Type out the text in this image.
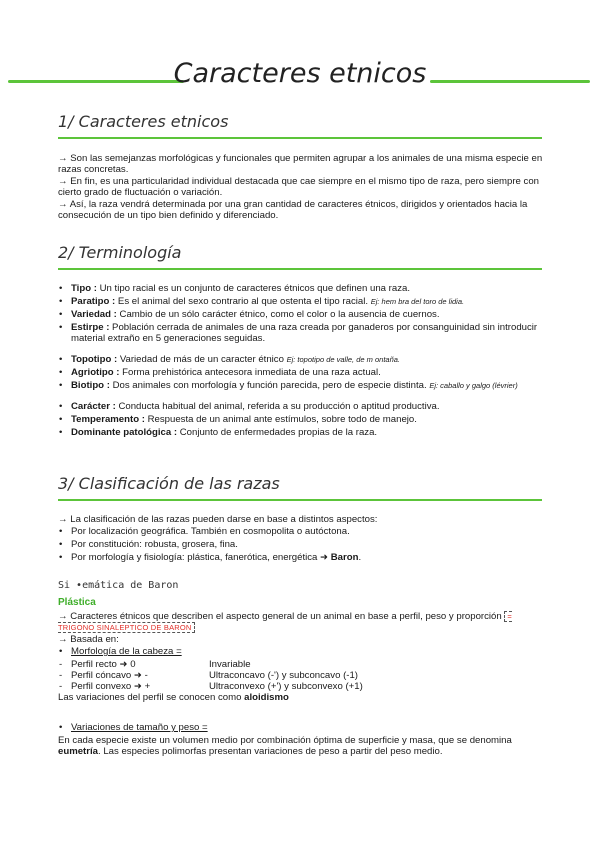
Caracteres etnicos
1/ Caracteres etnicos

→ Son las semejanzas morfológicas y funcionales que permiten agrupar a los animales de una misma especie en razas concretas.

→ En fin, es una particularidad individual destacada que cae siempre en el mismo tipo de raza, pero siempre con cierto grado de fluctuación o variación.

→ Así, la raza vendrá determinada por una gran cantidad de caracteres étnicos, dirigidos y orientados hacia la consecución de un tipo bien definido y diferenciado.

2/ Terminología
• Tipo : Un tipo racial es un conjunto de caracteres étnicos que definen una raza.
• Paratipo : Es el animal del sexo contrario al que ostenta el tipo racial. Ej: hem bra del toro de lidia.
• Variedad : Cambio de un sólo carácter étnico, como el color o la ausencia de cuernos.
• Estirpe : Población cerrada de animales de una raza creada por ganaderos por consanguinidad sin introducir material extraño en 5 generaciones seguidas.
• Topotipo : Variedad de más de un caracter étnico Ej: topotipo de valle, de m ontaña.
• Agriotipo : Forma prehistórica antecesora inmediata de una raza actual.
• Biotipo : Dos animales con morfología y función parecida, pero de especie distinta. Ej: caballo y galgo (lévrier)
• Carácter : Conducta habitual del animal, referida a su producción o aptitud productiva.
• Temperamento : Respuesta de un animal ante estímulos, sobre todo de manejo.
• Dominante patológica : Conjunto de enfermedades propias de la raza.
3/ Clasificación de las razas

→ La clasificación de las razas pueden darse en base a distintos aspectos:

• Por localización geográfica. También en cosmopolita o autóctona.
• Por constitución: robusta, grosera, fina.
• Por morfología y fisiología: plástica, fanerótica, energética ➜ Baron.
Si •emática de Baron
Plástica

→ Caracteres étnicos que describen el aspecto general de un animal en base a perfil, peso y proporción = TRIGONO SINALEPTICO DE BARON

→ Basada en:

• Morfología de la cabeza =
- Perfil recto ➜ 0	Invariable
- Perfil cóncavo ➜ -	Ultraconcavo (-') y subconcavo (-1)
- Perfil convexo ➜ +	Ultraconvexo (+') y subconvexo (+1)

Las variaciones del perfil se conocen como aloidismo

• Variaciones de tamaño y peso =

En cada especie existe un volumen medio por combinación óptima de superficie y masa, que se denomina eumetría. Las especies polimorfas presentan variaciones de peso a partir del peso medio.
